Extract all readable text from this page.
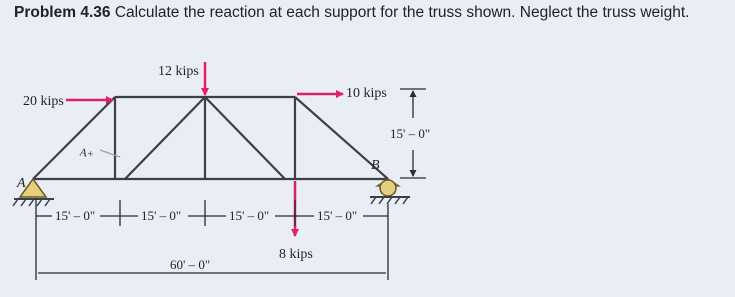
Problem 4.36 Calculate the reaction at each support for the truss shown. Neglect the truss weight.
12 kips
20 kips
10 kips
8 kips
A
B
A+
15' – 0"
15' – 0"	15' – 0"	15' – 0"	15' – 0"
60' – 0"
